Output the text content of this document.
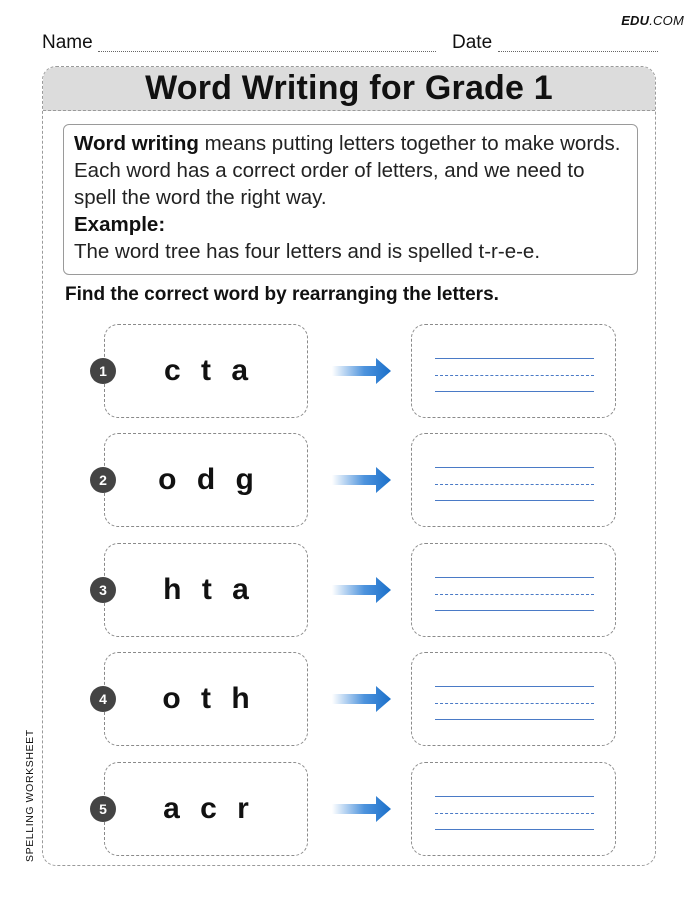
EDU.COM
Name	Date
Word Writing for Grade 1

Word writing means putting letters together to make words. Each word has a correct order of letters, and we need to spell the word the right way.

Example:

The word tree has four letters and is spelled t-r-e-e.

Find the correct word by rearranging the letters.
c t a
1
o d g
2
h t a
3
o t h
4
a c r
5
SPELLING WORKSHEET
